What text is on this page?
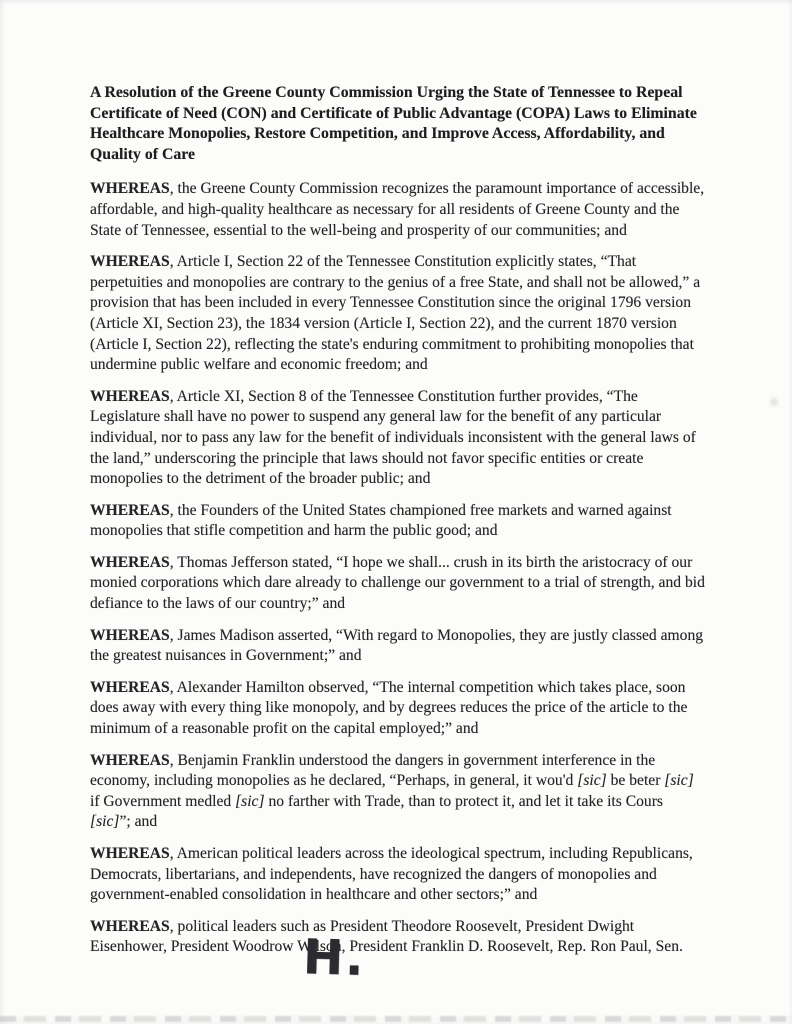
A Resolution of the Greene County Commission Urging the State of Tennessee to Repeal Certificate of Need (CON) and Certificate of Public Advantage (COPA) Laws to Eliminate Healthcare Monopolies, Restore Competition, and Improve Access, Affordability, and Quality of Care

WHEREAS, the Greene County Commission recognizes the paramount importance of accessible, affordable, and high-quality healthcare as necessary for all residents of Greene County and the State of Tennessee, essential to the well-being and prosperity of our communities; and

WHEREAS, Article I, Section 22 of the Tennessee Constitution explicitly states, “That perpetuities and monopolies are contrary to the genius of a free State, and shall not be allowed,” a provision that has been included in every Tennessee Constitution since the original 1796 version (Article XI, Section 23), the 1834 version (Article I, Section 22), and the current 1870 version (Article I, Section 22), reflecting the state's enduring commitment to prohibiting monopolies that undermine public welfare and economic freedom; and

WHEREAS, Article XI, Section 8 of the Tennessee Constitution further provides, “The Legislature shall have no power to suspend any general law for the benefit of any particular individual, nor to pass any law for the benefit of individuals inconsistent with the general laws of the land,” underscoring the principle that laws should not favor specific entities or create monopolies to the detriment of the broader public; and

WHEREAS, the Founders of the United States championed free markets and warned against monopolies that stifle competition and harm the public good; and

WHEREAS, Thomas Jefferson stated, “I hope we shall... crush in its birth the aristocracy of our monied corporations which dare already to challenge our government to a trial of strength, and bid defiance to the laws of our country;” and

WHEREAS, James Madison asserted, “With regard to Monopolies, they are justly classed among the greatest nuisances in Government;” and

WHEREAS, Alexander Hamilton observed, “The internal competition which takes place, soon does away with every thing like monopoly, and by degrees reduces the price of the article to the minimum of a reasonable profit on the capital employed;” and

WHEREAS, Benjamin Franklin understood the dangers in government interference in the economy, including monopolies as he declared, “Perhaps, in general, it wou'd [sic] be beter [sic] if Government medled [sic] no farther with Trade, than to protect it, and let it take its Cours [sic]”; and

WHEREAS, American political leaders across the ideological spectrum, including Republicans, Democrats, libertarians, and independents, have recognized the dangers of monopolies and government-enabled consolidation in healthcare and other sectors;” and

WHEREAS, political leaders such as President Theodore Roosevelt, President Dwight Eisenhower, President Woodrow Wilson, President Franklin D. Roosevelt, Rep. Ron Paul, Sen.

H.
